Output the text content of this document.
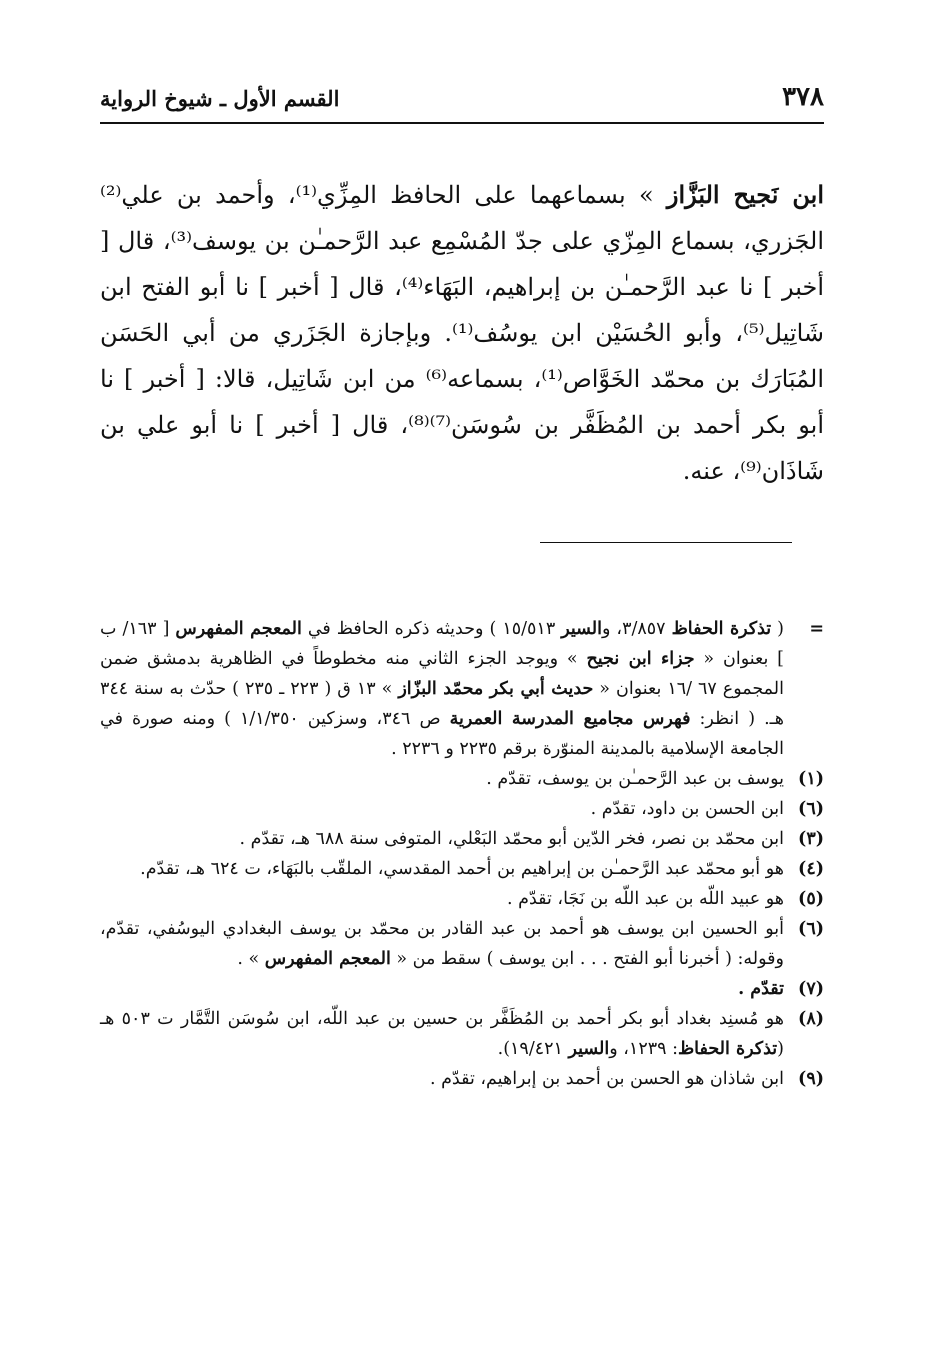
٣٧٨
القسم الأول ـ شيوخ الرواية
ابن نَجيح البَزَّاز » بسماعهما على الحافظ المِزِّي⁽¹⁾، وأحمد بن علي⁽²⁾ الجَزري، بسماع المِزّي على جدّ المُسْمِع عبد الرَّحمـٰن بن يوسف⁽³⁾، قال [ أخبر ] نا عبد الرَّحمـٰن بن إبراهيم، البَهَاء⁽⁴⁾، قال [ أخبر ] نا أبو الفتح ابن شَاتِيل⁽⁵⁾، وأبو الحُسَيْن ابن يوسُف⁽¹⁾. وبإجازة الجَزَري من أبي الحَسَن المُبَارَك بن محمّد الخَوَّاص⁽¹⁾، بسماعه⁽⁶⁾ من ابن شَاتِيل، قالا: [ أخبر ] نا أبو بكر أحمد بن المُظَفَّر بن سُوسَن⁽⁷⁾⁽⁸⁾، قال [ أخبر ] نا أبو علي بن شَاذَان⁽⁹⁾، عنه.
=
( تذكرة الحفاظ ٣/٨٥٧، والسير ١٥/٥١٣ ) وحديثه ذكره الحافظ في المعجم المفهرس [ ١٦٣/ ب ] بعنوان « جزاء ابن نجيح » ويوجد الجزء الثاني منه مخطوطاً في الظاهرية بدمشق ضمن المجموع ٦٧ /١٦ بعنوان « حديث أبي بكر محمّد البزّاز » ١٣ ق ( ٢٢٣ ـ ٢٣٥ ) حدّث به سنة ٣٤٤ هـ. ( انظر: فهرس مجاميع المدرسة العمرية ص ٣٤٦، وسزكين ١/١/٣٥٠ ) ومنه صورة في الجامعة الإسلامية بالمدينة المنوّرة برقم ٢٢٣٥ و ٢٢٣٦ .
(١)
يوسف بن عبد الرَّحمـٰن بن يوسف، تقدّم .
(٦)
ابن الحسن بن داود، تقدّم .
(٣)
ابن محمّد بن نصر، فخر الدّين أبو محمّد البَعْلي، المتوفى سنة ٦٨٨ هـ، تقدّم .
(٤)
هو أبو محمّد عبد الرَّحمـٰن بن إبراهيم بن أحمد المقدسي، الملقّب بالبَهَاء، ت ٦٢٤ هـ، تقدّم.
(٥)
هو عبيد اللّه بن عبد اللّه بن نَجَا، تقدّم .
(٦)
أبو الحسين ابن يوسف هو أحمد بن عبد القادر بن محمّد بن يوسف البغدادي اليوسُفي، تقدّم، وقوله: ( أخبرنا أبو الفتح . . . ابن يوسف ) سقط من « المعجم المفهرس » .
(٧)
تقدّم .
(٨)
هو مُسنِد بغداد أبو بكر أحمد بن المُظَفَّر بن حسين بن عبد اللّه، ابن سُوسَن التَّمَّار ت ٥٠٣ هـ (تذكرة الحفاظ: ١٢٣٩، والسير ١٩/٤٢١).
(٩)
ابن شاذان هو الحسن بن أحمد بن إبراهيم، تقدّم .
